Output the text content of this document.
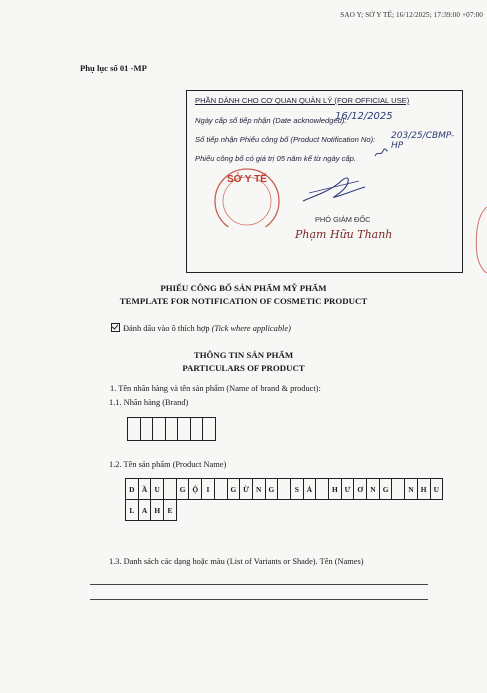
SAO Y; SỞ Y TẾ; 16/12/2025; 17:39:00 +07:00
Phụ lục số 01 -MP
PHẦN DÀNH CHO CƠ QUAN QUẢN LÝ (FOR OFFICIAL USE)
Ngày cấp số tiếp nhận (Date acknowledged):
16/12/2025
Số tiếp nhận Phiếu công bố (Product Notification No): 203/25/CBMP-HP
Phiếu công bố có giá trị 05 năm kể từ ngày cấp.
SỞ Y TẾ
PHÓ GIÁM ĐỐC
Phạm Hữu Thanh
PHIẾU CÔNG BỐ SẢN PHẨM MỸ PHẨM
TEMPLATE FOR NOTIFICATION OF COSMETIC PRODUCT
Đánh dấu vào ô thích hợp (Tick where applicable)
THÔNG TIN SẢN PHẨM
PARTICULARS OF PRODUCT
1. Tên nhãn hàng và tên sản phẩm (Name of brand & product):
1.1. Nhãn hàng (Brand)
1.2. Tên sản phẩm (Product Name)
D Ầ U	G Ộ	I	G Ừ N G	S	Ả	H Ư Ơ N G	N H U
L	A H E
1.3. Danh sách các dạng hoặc màu (List of Variants or Shade). Tên (Names)
